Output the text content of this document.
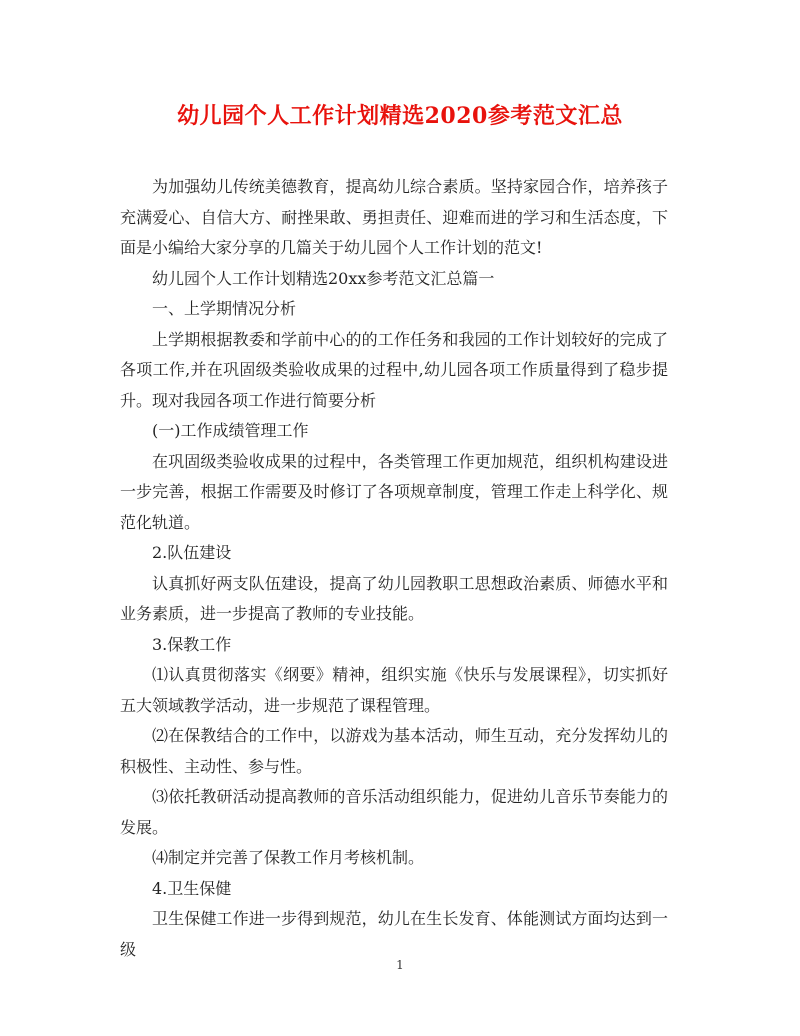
幼儿园个人工作计划精选2020参考范文汇总

为加强幼儿传统美德教育，提高幼儿综合素质。坚持家园合作，培养孩子充满爱心、自信大方、耐挫果敢、勇担责任、迎难而进的学习和生活态度，下面是小编给大家分享的几篇关于幼儿园个人工作计划的范文!

幼儿园个人工作计划精选20xx参考范文汇总篇一

一、上学期情况分析

上学期根据教委和学前中心的的工作任务和我园的工作计划较好的完成了各项工作,并在巩固级类验收成果的过程中,幼儿园各项工作质量得到了稳步提升。现对我园各项工作进行简要分析

(一)工作成绩管理工作

在巩固级类验收成果的过程中，各类管理工作更加规范，组织机构建设进一步完善，根据工作需要及时修订了各项规章制度，管理工作走上科学化、规范化轨道。

2.队伍建设

认真抓好两支队伍建设，提高了幼儿园教职工思想政治素质、师德水平和业务素质，进一步提高了教师的专业技能。

3.保教工作

⑴认真贯彻落实《纲要》精神，组织实施《快乐与发展课程》，切实抓好五大领域教学活动，进一步规范了课程管理。

⑵在保教结合的工作中，以游戏为基本活动，师生互动，充分发挥幼儿的积极性、主动性、参与性。

⑶依托教研活动提高教师的音乐活动组织能力，促进幼儿音乐节奏能力的发展。

⑷制定并完善了保教工作月考核机制。

4.卫生保健

卫生保健工作进一步得到规范，幼儿在生长发育、体能测试方面均达到一级

1
